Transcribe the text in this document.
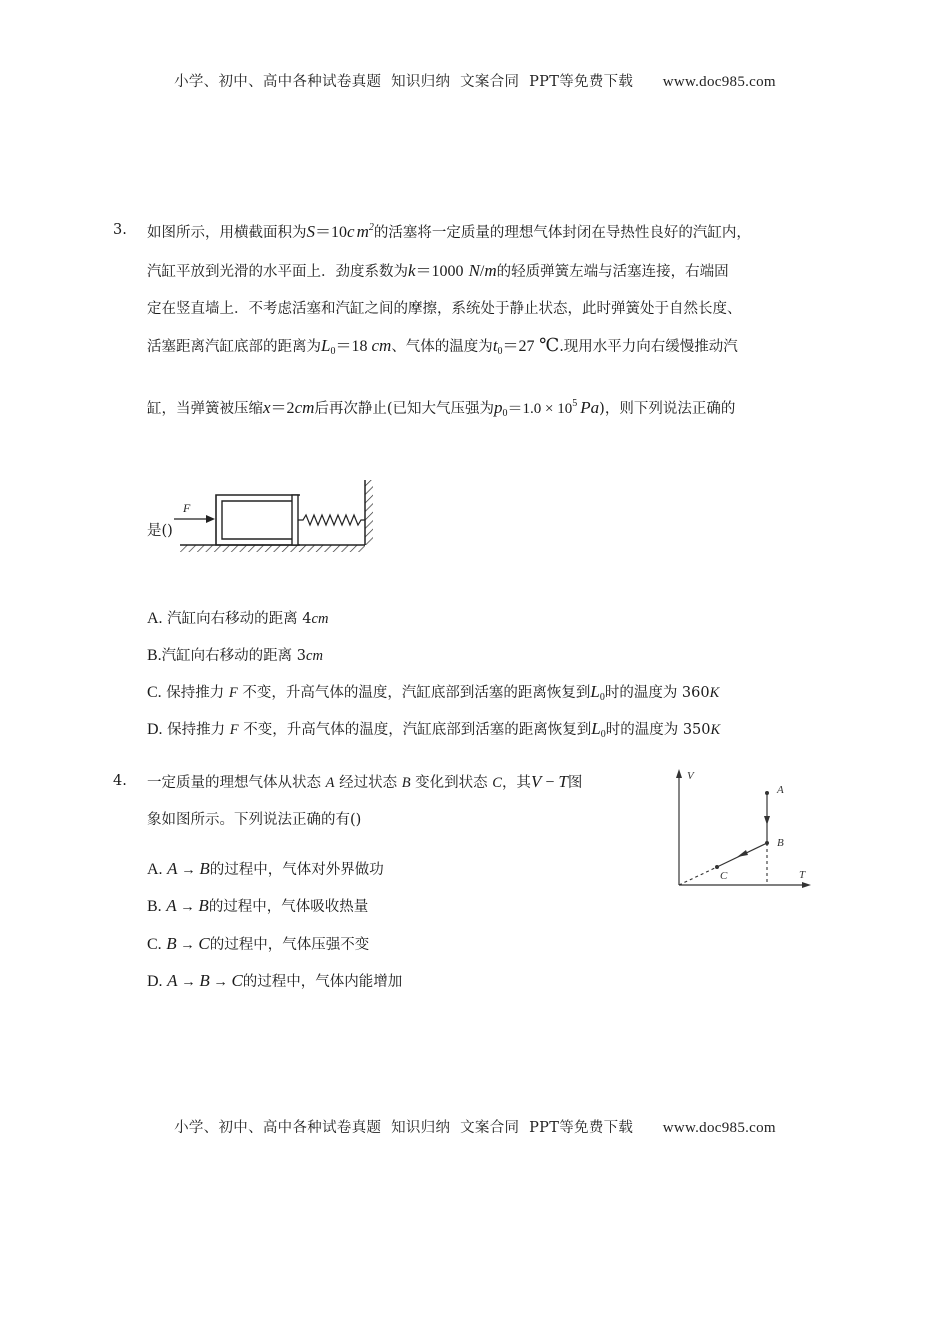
小学、初中、高中各种试卷真题  知识归纳  文案合同  PPT等免费下载 www.doc985.com
3. 如图所示，用横截面积为S＝10c $m^2$的活塞将一定质量的理想气体封闭在导热性良好的汽缸内，
汽缸平放到光滑的水平面上．劲度系数为k＝1000 N/m的轻质弹簧左端与活塞连接，右端固
定在竖直墙上．不考虑活塞和汽缸之间的摩擦，系统处于静止状态，此时弹簧处于自然长度、
活塞距离汽缸底部的距离为$L_0=18$ cm、气体的温度为$t_0=27$ ℃.现用水平力向右缓慢推动汽
缸，当弹簧被压缩x＝2cm后再次静止(已知大气压强为$p_0=1.0 \times 10^5$ Pa)，则下列说法正确的
是()
F
A. 汽缸向右移动的距离 4cm
B.汽缸向右移动的距离 3cm
C. 保持推力 F 不变，升高气体的温度，汽缸底部到活塞的距离恢复到$L_0$时的温度为 360K
D. 保持推力 F 不变，升高气体的温度，汽缸底部到活塞的距离恢复到$L_0$时的温度为 350K
4. 一定质量的理想气体从状态 A 经过状态 B 变化到状态 C，其V − T图
象如图所示。下列说法正确的有()
A. A → B的过程中，气体对外界做功
B. A → B的过程中，气体吸收热量
C. B → C的过程中，气体压强不变
D. A → B → C的过程中，气体内能增加
V
T
A
B
C
小学、初中、高中各种试卷真题  知识归纳  文案合同  PPT等免费下载 www.doc985.com
